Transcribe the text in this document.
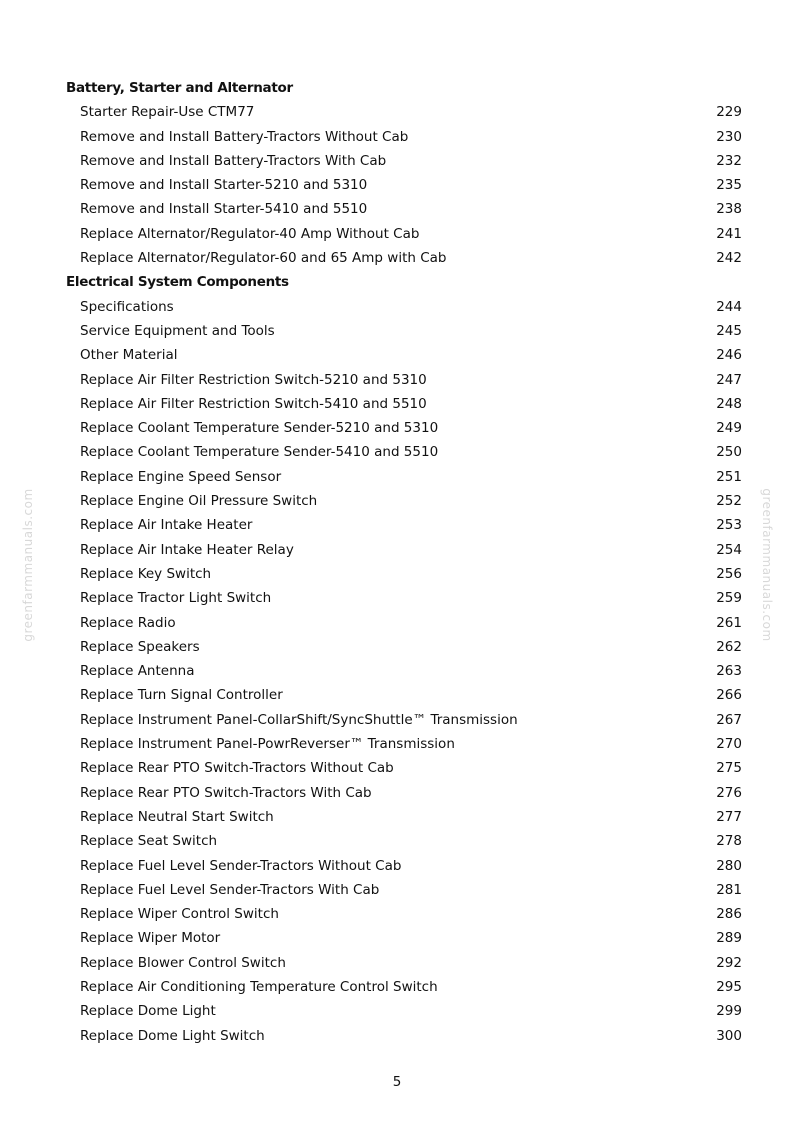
greenfarmmanuals.com	greenfarmmanuals.com
Battery, Starter and Alternator
Starter Repair-Use CTM77	229
Remove and Install Battery-Tractors Without Cab	230
Remove and Install Battery-Tractors With Cab	232
Remove and Install Starter-5210 and 5310	235
Remove and Install Starter-5410 and 5510	238
Replace Alternator/Regulator-40 Amp Without Cab	241
Replace Alternator/Regulator-60 and 65 Amp with Cab	242
Electrical System Components
Specifications	244
Service Equipment and Tools	245
Other Material	246
Replace Air Filter Restriction Switch-5210 and 5310	247
Replace Air Filter Restriction Switch-5410 and 5510	248
Replace Coolant Temperature Sender-5210 and 5310	249
Replace Coolant Temperature Sender-5410 and 5510	250
Replace Engine Speed Sensor	251
Replace Engine Oil Pressure Switch	252
Replace Air Intake Heater	253
Replace Air Intake Heater Relay	254
Replace Key Switch	256
Replace Tractor Light Switch	259
Replace Radio	261
Replace Speakers	262
Replace Antenna	263
Replace Turn Signal Controller	266
Replace Instrument Panel-CollarShift/SyncShuttle™ Transmission	267
Replace Instrument Panel-PowrReverser™ Transmission	270
Replace Rear PTO Switch-Tractors Without Cab	275
Replace Rear PTO Switch-Tractors With Cab	276
Replace Neutral Start Switch	277
Replace Seat Switch	278
Replace Fuel Level Sender-Tractors Without Cab	280
Replace Fuel Level Sender-Tractors With Cab	281
Replace Wiper Control Switch	286
Replace Wiper Motor	289
Replace Blower Control Switch	292
Replace Air Conditioning Temperature Control Switch	295
Replace Dome Light	299
Replace Dome Light Switch	300
5
